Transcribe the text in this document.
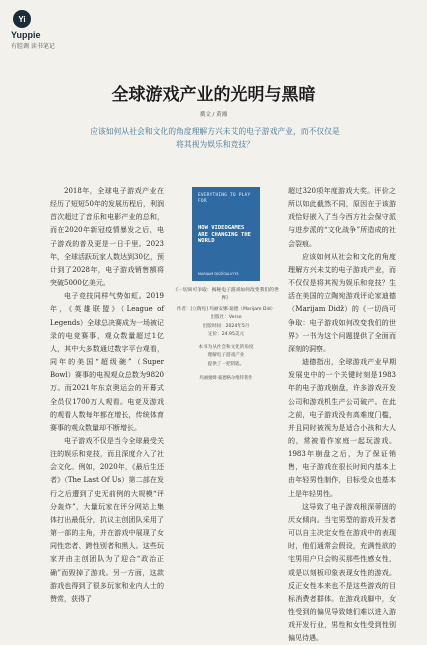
Yi
Yuppie
有腔调 读书笔记
全球游戏产业的光明与黑暗
撰文 / 黄湘
应该如何从社会和文化的角度理解方兴未艾的电子游戏产业，而不仅仅是将其视为娱乐和竞技？

2018年，全球电子游戏产业在经历了短短50年的发展历程后，利润首次超过了音乐和电影产业的总和，而在2020年新冠疫情暴发之后，电子游戏的普及更是一日千里。2023年，全球活跃玩家人数达到30亿，预计到了2028年，电子游戏销售额将突破5000亿美元。

电子竞技同样气势如虹。2019年，《英雄联盟》（League of Legends）全球总决赛成为一场被记录的电竞赛事，观众数量超过1亿人，其中大多数通过数字平台观看，同年的美国“超级碗”（Super Bowl）赛事的电视观众总数为9820万。而2021年东京奥运会的开幕式全员仅1700万人观看。电竞及游戏的观看人数每年都在增长，传统体育赛事的观众数量却不断增长。

电子游戏不仅是当今全球最受关注的娱乐和竞技，而且深度介入了社会文化。例如，2020年，《最后生还者》（The Last Of Us）第二部在发行之后遭到了史无前例的大规模“评分轰炸”，大量玩家在评分网站上集体打出最低分，抗议主创团队采用了第一部的主角，并在游戏中展现了女同性恋者、跨性别者和黑人。这些玩家并由主创团队为了迎合“政治正确”而毁掉了游戏。另一方面，这款游戏也得到了很多玩家和业内人士的赞赏，获得了

EVERYTHING TO PLAY FOR
HOW VIDEOGAMES ARE CHANGING THE WORLD
MARIJAM DIDŽGALVYTĖ
《一切尚可争取：揭秘电子游戏如何改变我们的世界》
作者：[立陶宛] 玛丽安娜·迪德（Marijam Did）
出版社：Verso
出版时间：2024年5月
定价：24.95美元
本书为从社会和文化的角度
理解电子游戏产业
提供了一把钥匙。
玛丽娅姆·迪德格尔维特著作

超过320项年度游戏大奖。评价之所以如此截然不同，原因在于该游戏恰好嵌入了当今西方社会保守派与进步派的“文化战争”所造成的社会裂痕。

应该如何从社会和文化的角度理解方兴未艾的电子游戏产业，而不仅仅是将其视为娱乐和竞技？生活在美国的立陶宛游戏评论家迪德（Marijam Didž）的《一切尚可争取：电子游戏如何改变我们的世界》一书为这个问题提供了全面而深刻的洞察。

迪德指出，全球游戏产业早期发展史中的一个关键时刻是1983年的电子游戏崩盘，许多游戏开发公司和游戏机生产公司破产。在此之前，电子游戏没有高难度门槛，并且同时被视为是适合小孩和大人的，常被看作家庭一起玩游戏。1983年崩盘之后，为了保证销售，电子游戏在很长时间内基本上由年轻男性制作，目标受众也基本上是年轻男性。

这导致了电子游戏根深蒂固的厌女倾向。当宅男型的游戏开发者可以自主决定女性在游戏中的表现时，他们通常会假设，充满性欲的宅男用户只会购买那些性感女性，或是以刻板印象表现女性的游戏。反正女性本来也不是这些游戏的目标消费者群体。在游戏戏脚中，女性受到的偏见导致她们难以进入游戏开发行业，男性和女性受到性别偏见待遇。
